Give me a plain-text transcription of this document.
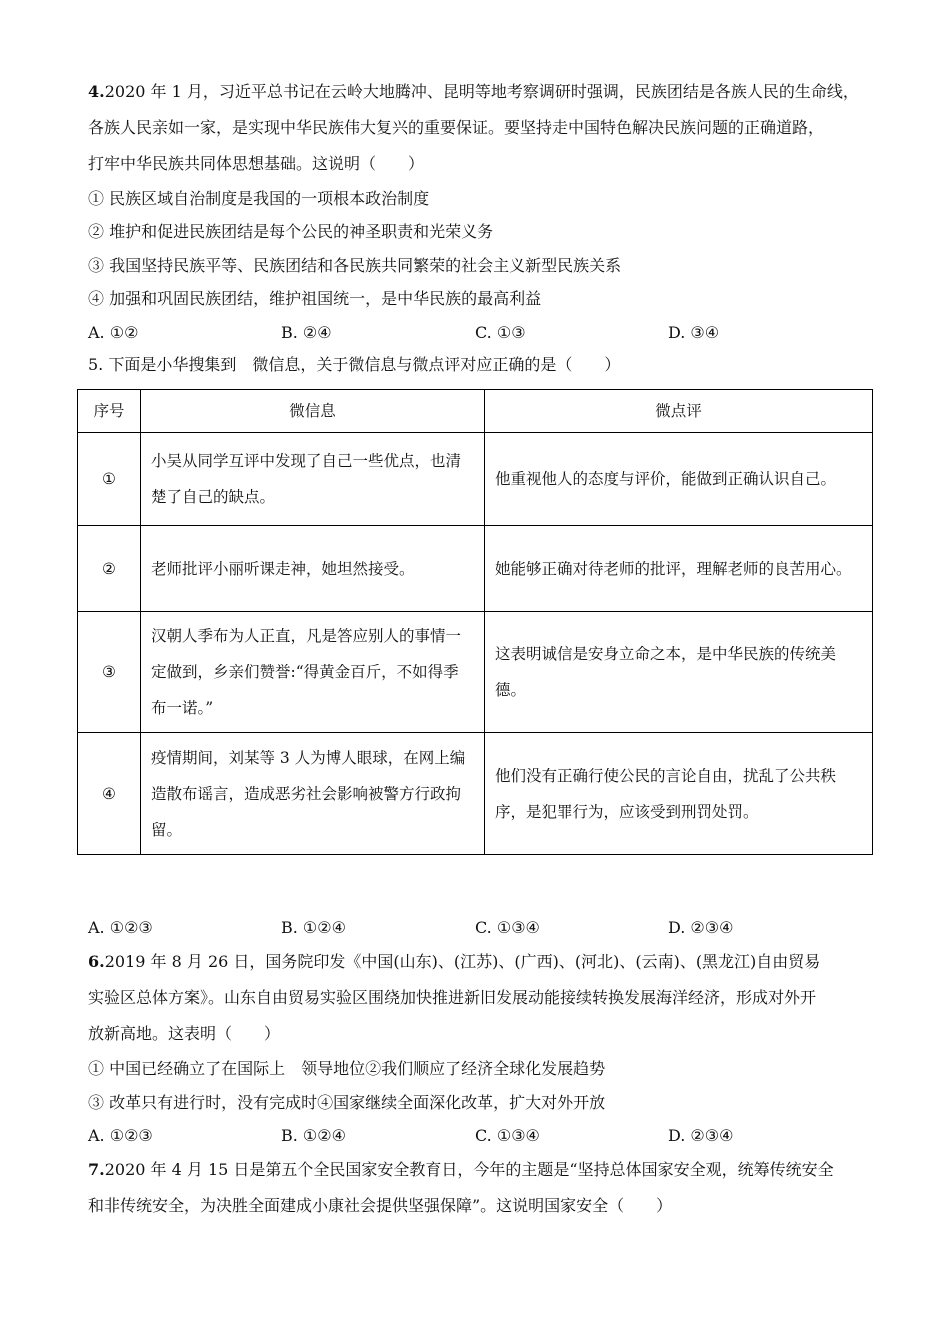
4.2020 年 1 月，习近平总书记在云岭大地腾冲、昆明等地考察调研时强调，民族团结是各族人民的生命线，
各族人民亲如一家，是实现中华民族伟大复兴的重要保证。要坚持走中国特色解决民族问题的正确道路，
打牢中华民族共同体思想基础。这说明（　　）
① 民族区域自治制度是我国的一项根本政治制度
② 堆护和促进民族团结是每个公民的神圣职责和光荣义务
③ 我国坚持民族平等、民族团结和各民族共同繁荣的社会主义新型民族关系
④ 加强和巩固民族团结，维护祖国统一，是中华民族的最高利益
A. ①②	B. ②④	C. ①③	D. ③④
5. 下面是小华搜集到　微信息，关于微信息与微点评对应正确的是（　　）
序号	微信息	微点评
①	小吴从同学互评中发现了自己一些优点，也清楚了自己的缺点。	他重视他人的态度与评价，能做到正确认识自己。
②	老师批评小丽听课走神，她坦然接受。	她能够正确对待老师的批评，理解老师的良苦用心。
③	汉朝人季布为人正直，凡是答应别人的事情一定做到，乡亲们赞誉:“得黄金百斤，不如得季布一诺。”	这表明诚信是安身立命之本，是中华民族的传统美德。
④	疫情期间，刘某等 3 人为博人眼球，在网上编造散布谣言，造成恶劣社会影响被警方行政拘留。	他们没有正确行使公民的言论自由，扰乱了公共秩序，是犯罪行为，应该受到刑罚处罚。
A. ①②③	B. ①②④	C. ①③④	D. ②③④
6.2019 年 8 月 26 日，国务院印发《中国(山东)、(江苏)、(广西)、(河北)、(云南)、(黑龙江)自由贸易
实验区总体方案》。山东自由贸易实验区围绕加快推进新旧发展动能接续转换发展海洋经济，形成对外开
放新高地。这表明（　　）
① 中国已经确立了在国际上　领导地位②我们顺应了经济全球化发展趋势
③ 改革只有进行时，没有完成时④国家继续全面深化改革，扩大对外开放
A. ①②③	B. ①②④	C. ①③④	D. ②③④
7.2020 年 4 月 15 日是第五个全民国家安全教育日，今年的主题是“坚持总体国家安全观，统筹传统安全
和非传统安全，为决胜全面建成小康社会提供坚强保障”。这说明国家安全（　　）
